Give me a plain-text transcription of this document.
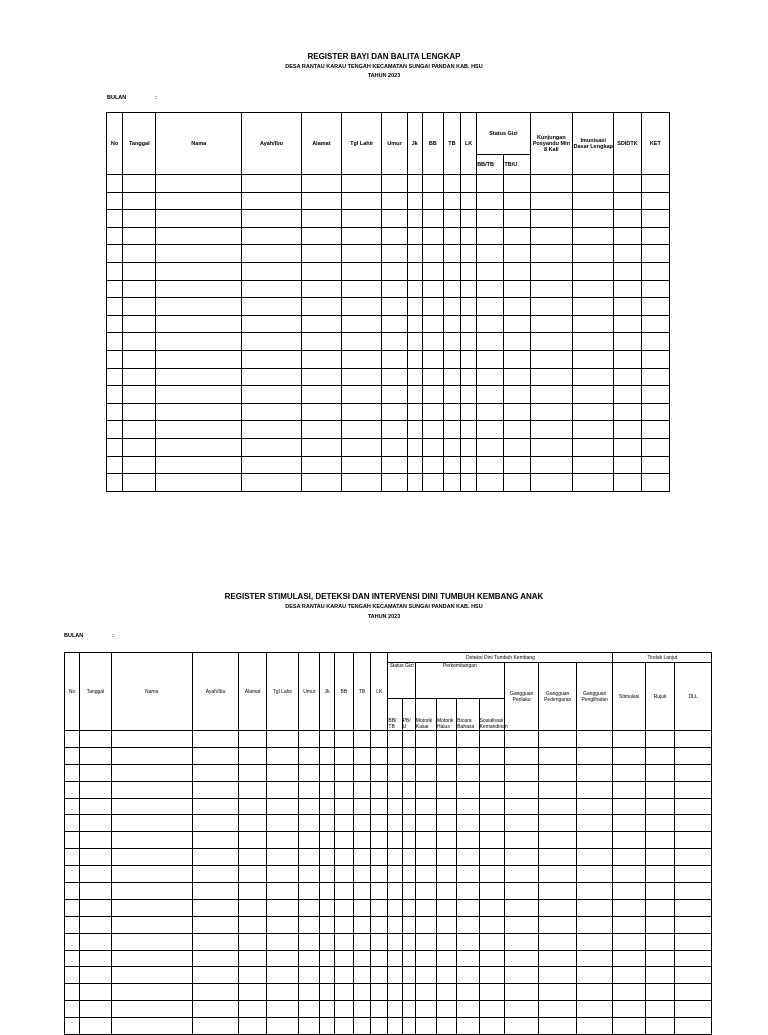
REGISTER BAYI DAN BALITA LENGKAP
DESA RANTAU KARAU TENGAH KECAMATAN SUNGAI PANDAN KAB. HSU
TAHUN 2023
BULAN	:
No	Tanggal	Nama	Ayah/Ibu	Alamat	Tgl Lahir	Umur	Jk	BB	TB	LK	Status Gizi		Kunjungan Posyandu Min 8 Kali	Imunisasi Dasar Lengkap	SDIDTK	KET
											BB/TB	TB/U				

REGISTER STIMULASI, DETEKSI DAN INTERVENSI DINI TUMBUH KEMBANG ANAK
DESA RANTAU KARAU TENGAH KECAMATAN SUNGAI PANDAN KAB. HSU
TAHUN 2023
BULAN	:
No	Tanggal	Nama	Ayah/Ibu	Alamat	Tgl Lahir	Umur	Jk	BB	TB	LK	Deteksi Dini Tumbuh Kembang									Tindak Lanjut		
											Status Gizi		Perkembangan				Gangguan Perilaku	Gangguan Pedengaran	Gangguan Penglihatan	Stimulasi	Rujuk	DLL
											BB/ TB	PB/ U	Motorik Kasar	Motorik Halus	Bicara Bahasa	Sosialisasi Kemandirian						
